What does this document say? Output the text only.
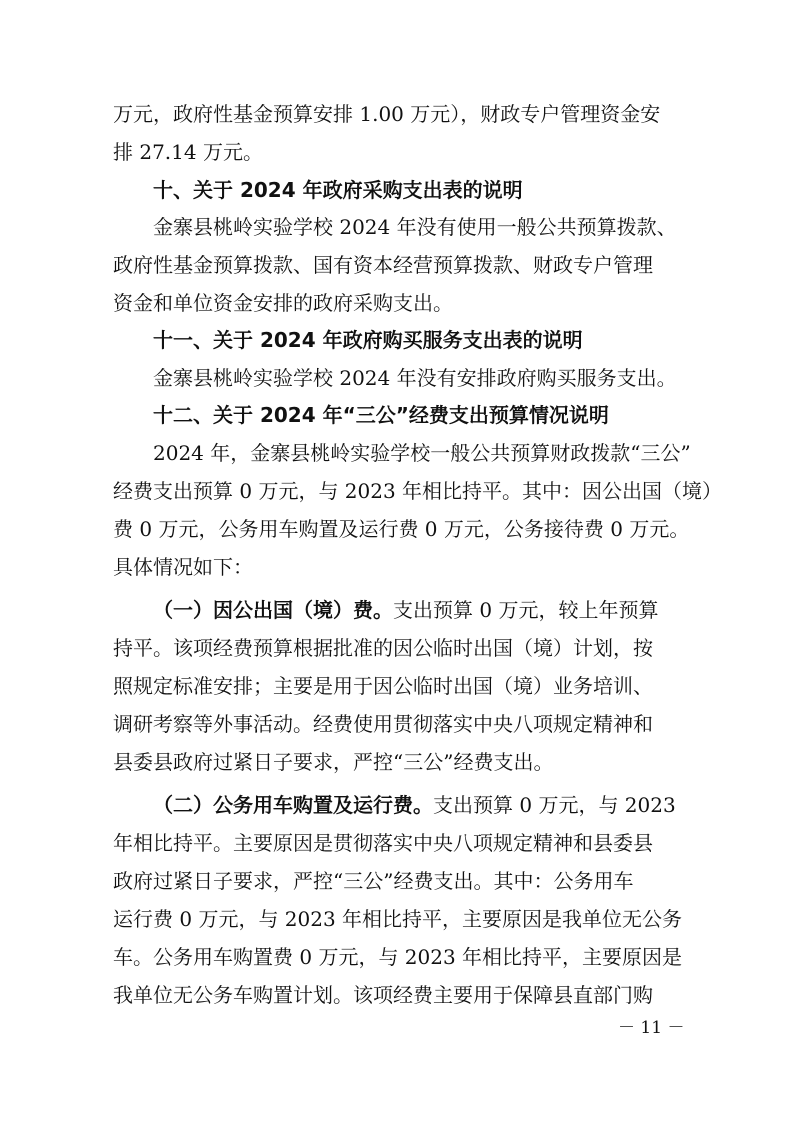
万元，政府性基金预算安排 1.00 万元），财政专户管理资金安
排 27.14 万元。
十、关于 2024 年政府采购支出表的说明
金寨县桃岭实验学校 2024 年没有使用一般公共预算拨款、
政府性基金预算拨款、国有资本经营预算拨款、财政专户管理
资金和单位资金安排的政府采购支出。
十一、关于 2024 年政府购买服务支出表的说明
金寨县桃岭实验学校 2024 年没有安排政府购买服务支出。
十二、关于 2024 年“三公”经费支出预算情况说明
2024 年，金寨县桃岭实验学校一般公共预算财政拨款“三公”
经费支出预算 0 万元，与 2023 年相比持平。其中：因公出国（境）
费 0 万元，公务用车购置及运行费 0 万元，公务接待费 0 万元。
具体情况如下：
（一）因公出国（境）费。支出预算 0 万元，较上年预算
持平。该项经费预算根据批准的因公临时出国（境）计划，按
照规定标准安排；主要是用于因公临时出国（境）业务培训、
调研考察等外事活动。经费使用贯彻落实中央八项规定精神和
县委县政府过紧日子要求，严控“三公”经费支出。
（二）公务用车购置及运行费。支出预算 0 万元，与 2023
年相比持平。主要原因是贯彻落实中央八项规定精神和县委县
政府过紧日子要求，严控“三公”经费支出。其中：公务用车
运行费 0 万元，与 2023 年相比持平，主要原因是我单位无公务
车。公务用车购置费 0 万元，与 2023 年相比持平，主要原因是
我单位无公务车购置计划。该项经费主要用于保障县直部门购
－ 11 －
